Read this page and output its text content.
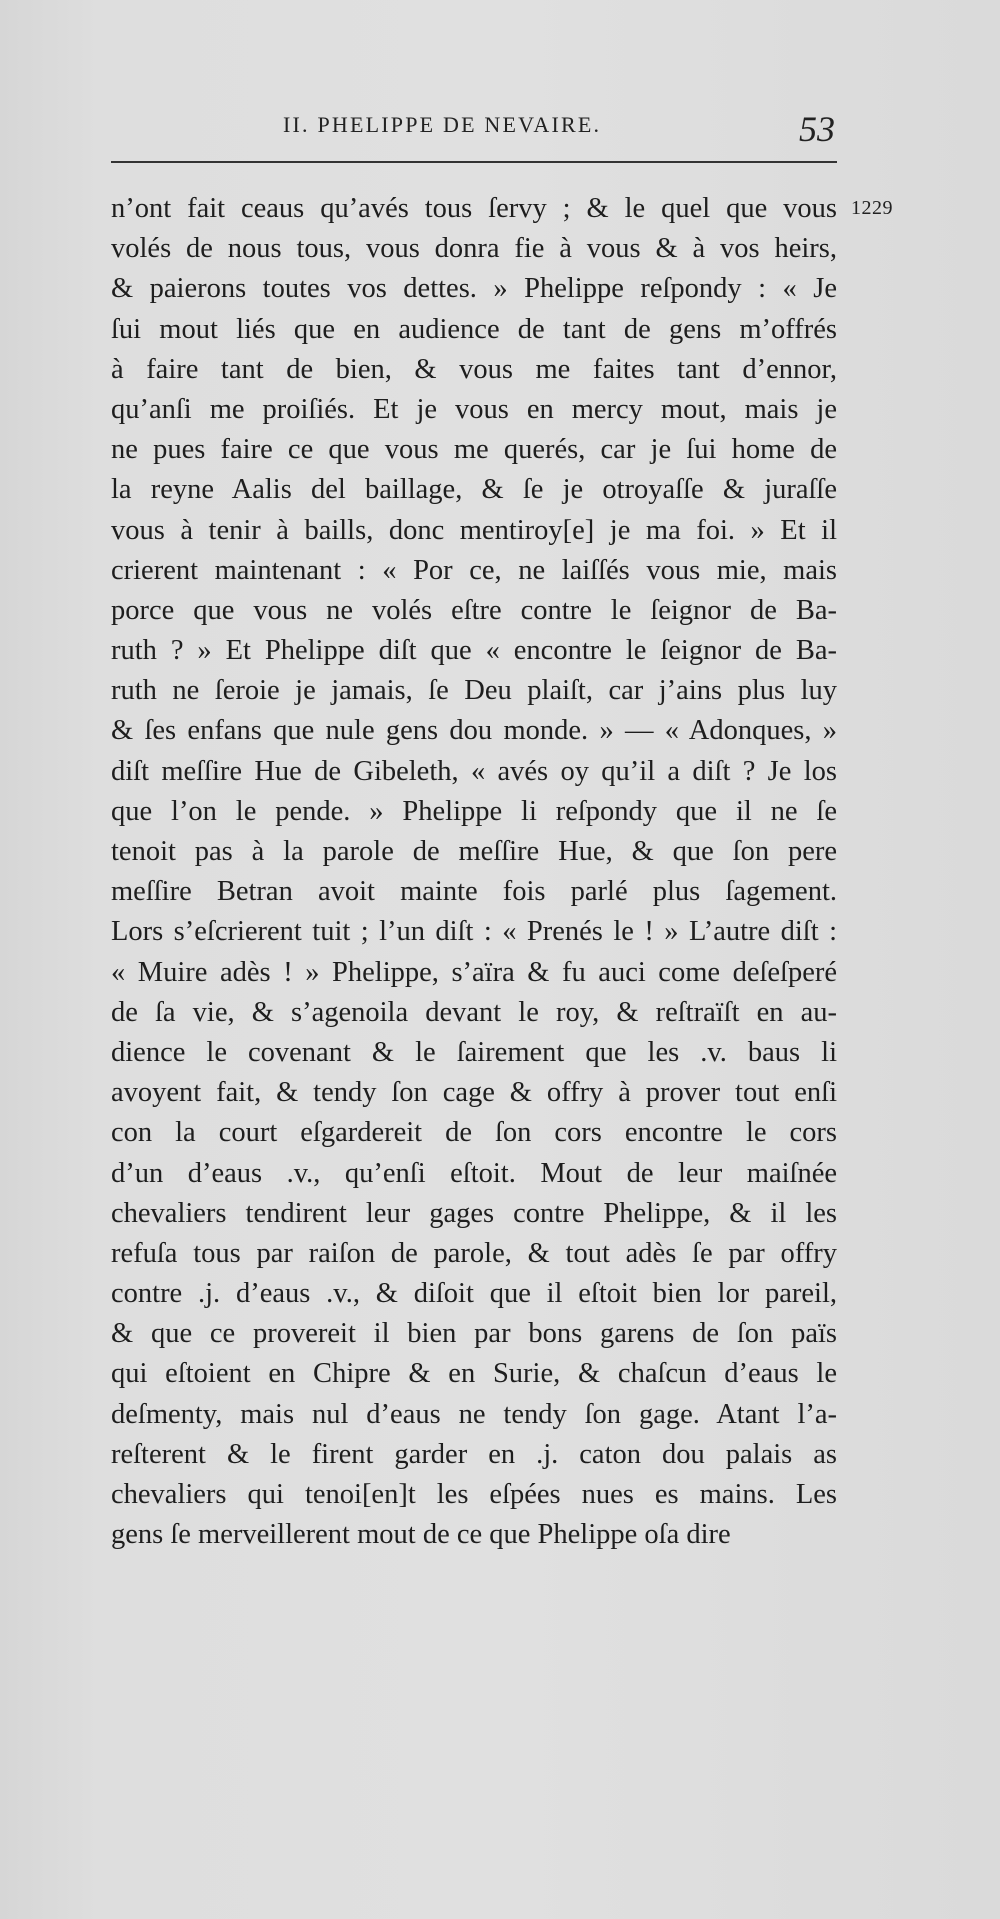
II. PHELIPPE DE NEVAIRE.	53
1229
n’ont fait ceaus qu’avés tous ſervy ; & le quel que vous
volés de nous tous, vous donra fie à vous & à vos heirs,
& paierons toutes vos dettes. » Phelippe reſpondy : « Je
ſui mout liés que en audience de tant de gens m’offrés
à faire tant de bien, & vous me faites tant d’ennor,
qu’anſi me proiſiés. Et je vous en mercy mout, mais je
ne pues faire ce que vous me querés, car je ſui home de
la reyne Aalis del baillage, & ſe je otroyaſſe & juraſſe
vous à tenir à baills, donc mentiroy[e] je ma foi. » Et il
crierent maintenant : « Por ce, ne laiſſés vous mie, mais
porce que vous ne volés eſtre contre le ſeignor de Ba-
ruth ? » Et Phelippe diſt que « encontre le ſeignor de Ba-
ruth ne ſeroie je jamais, ſe Deu plaiſt, car j’ains plus luy
& ſes enfans que nule gens dou monde. » — « Adonques, »
diſt meſſire Hue de Gibeleth, « avés oy qu’il a diſt ? Je los
que l’on le pende. » Phelippe li reſpondy que il ne ſe
tenoit pas à la parole de meſſire Hue, & que ſon pere
meſſire Betran avoit mainte fois parlé plus ſagement.
Lors s’eſcrierent tuit ; l’un diſt : « Prenés le ! » L’autre diſt :
« Muire adès ! » Phelippe, s’aïra & fu auci come deſeſperé
de ſa vie, & s’agenoila devant le roy, & reſtraïſt en au-
dience le covenant & le ſairement que les .v. baus li
avoyent fait, & tendy ſon cage & offry à prover tout enſi
con la court eſgardereit de ſon cors encontre le cors
d’un d’eaus .v., qu’enſi eſtoit. Mout de leur maiſnée
chevaliers tendirent leur gages contre Phelippe, & il les
refuſa tous par raiſon de parole, & tout adès ſe par offry
contre .j. d’eaus .v., & diſoit que il eſtoit bien lor pareil,
& que ce provereit il bien par bons garens de ſon païs
qui eſtoient en Chipre & en Surie, & chaſcun d’eaus le
deſmenty, mais nul d’eaus ne tendy ſon gage. Atant l’a-
reſterent & le firent garder en .j. caton dou palais as
chevaliers qui tenoi[en]t les eſpées nues es mains. Les
gens ſe merveillerent mout de ce que Phelippe oſa dire
